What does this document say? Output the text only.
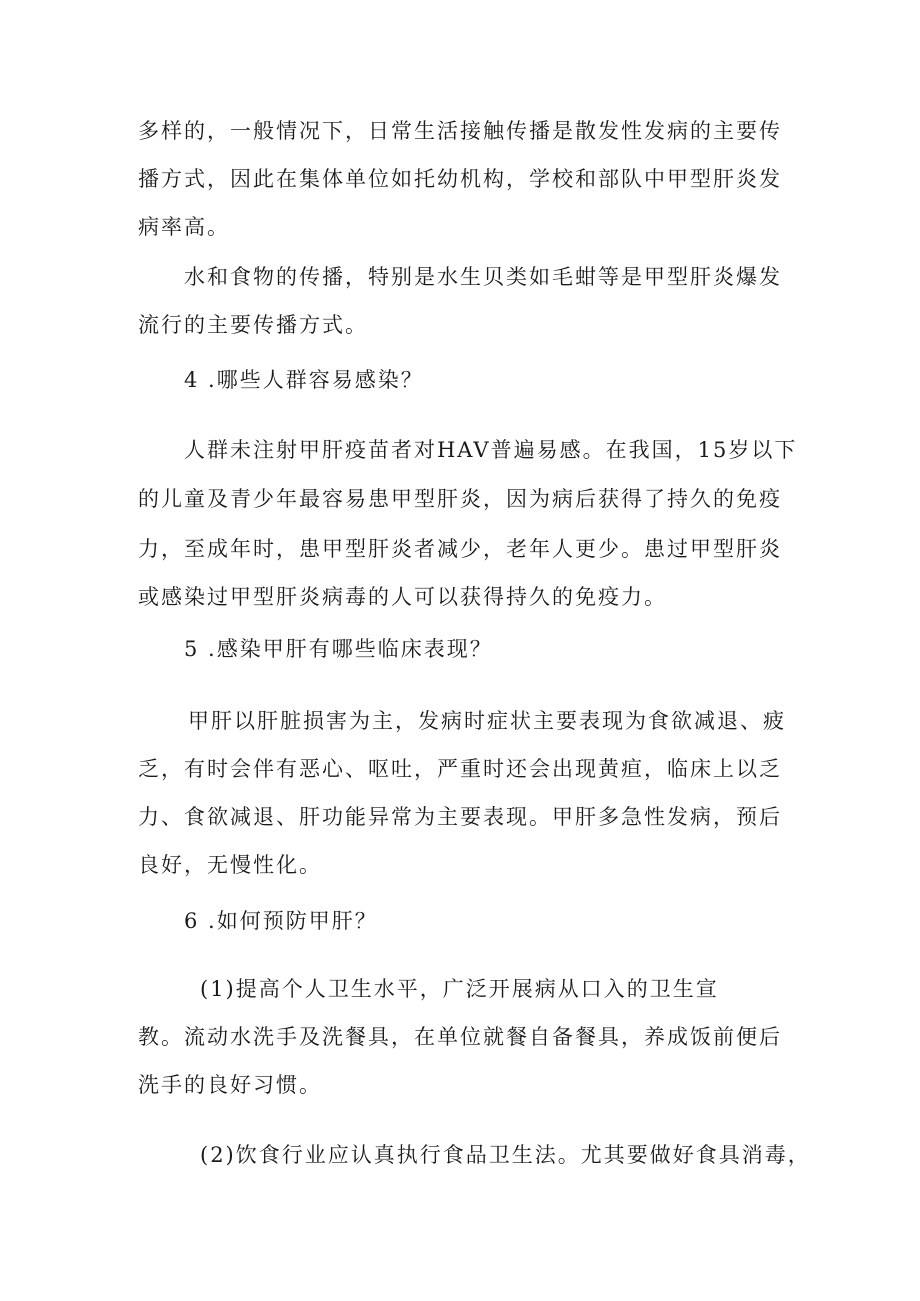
多样的，一般情况下，日常生活接触传播是散发性发病的主要传
播方式，因此在集体单位如托幼机构，学校和部队中甲型肝炎发
病率高。
水和食物的传播，特别是水生贝类如毛蚶等是甲型肝炎爆发
流行的主要传播方式。
4 .哪些人群容易感染？
人群未注射甲肝疫苗者对HAV普遍易感。在我国，15岁以下
的儿童及青少年最容易患甲型肝炎，因为病后获得了持久的免疫
力，至成年时，患甲型肝炎者减少，老年人更少。患过甲型肝炎
或感染过甲型肝炎病毒的人可以获得持久的免疫力。
5 .感染甲肝有哪些临床表现？
甲肝以肝脏损害为主，发病时症状主要表现为食欲减退、疲
乏，有时会伴有恶心、呕吐，严重时还会出现黄疸，临床上以乏
力、食欲减退、肝功能异常为主要表现。甲肝多急性发病，预后
良好，无慢性化。
6 .如何预防甲肝？
(1)提高个人卫生水平，广泛开展病从口入的卫生宣
教。流动水洗手及洗餐具，在单位就餐自备餐具，养成饭前便后
洗手的良好习惯。
(2)饮食行业应认真执行食品卫生法。尤其要做好食具消毒，
